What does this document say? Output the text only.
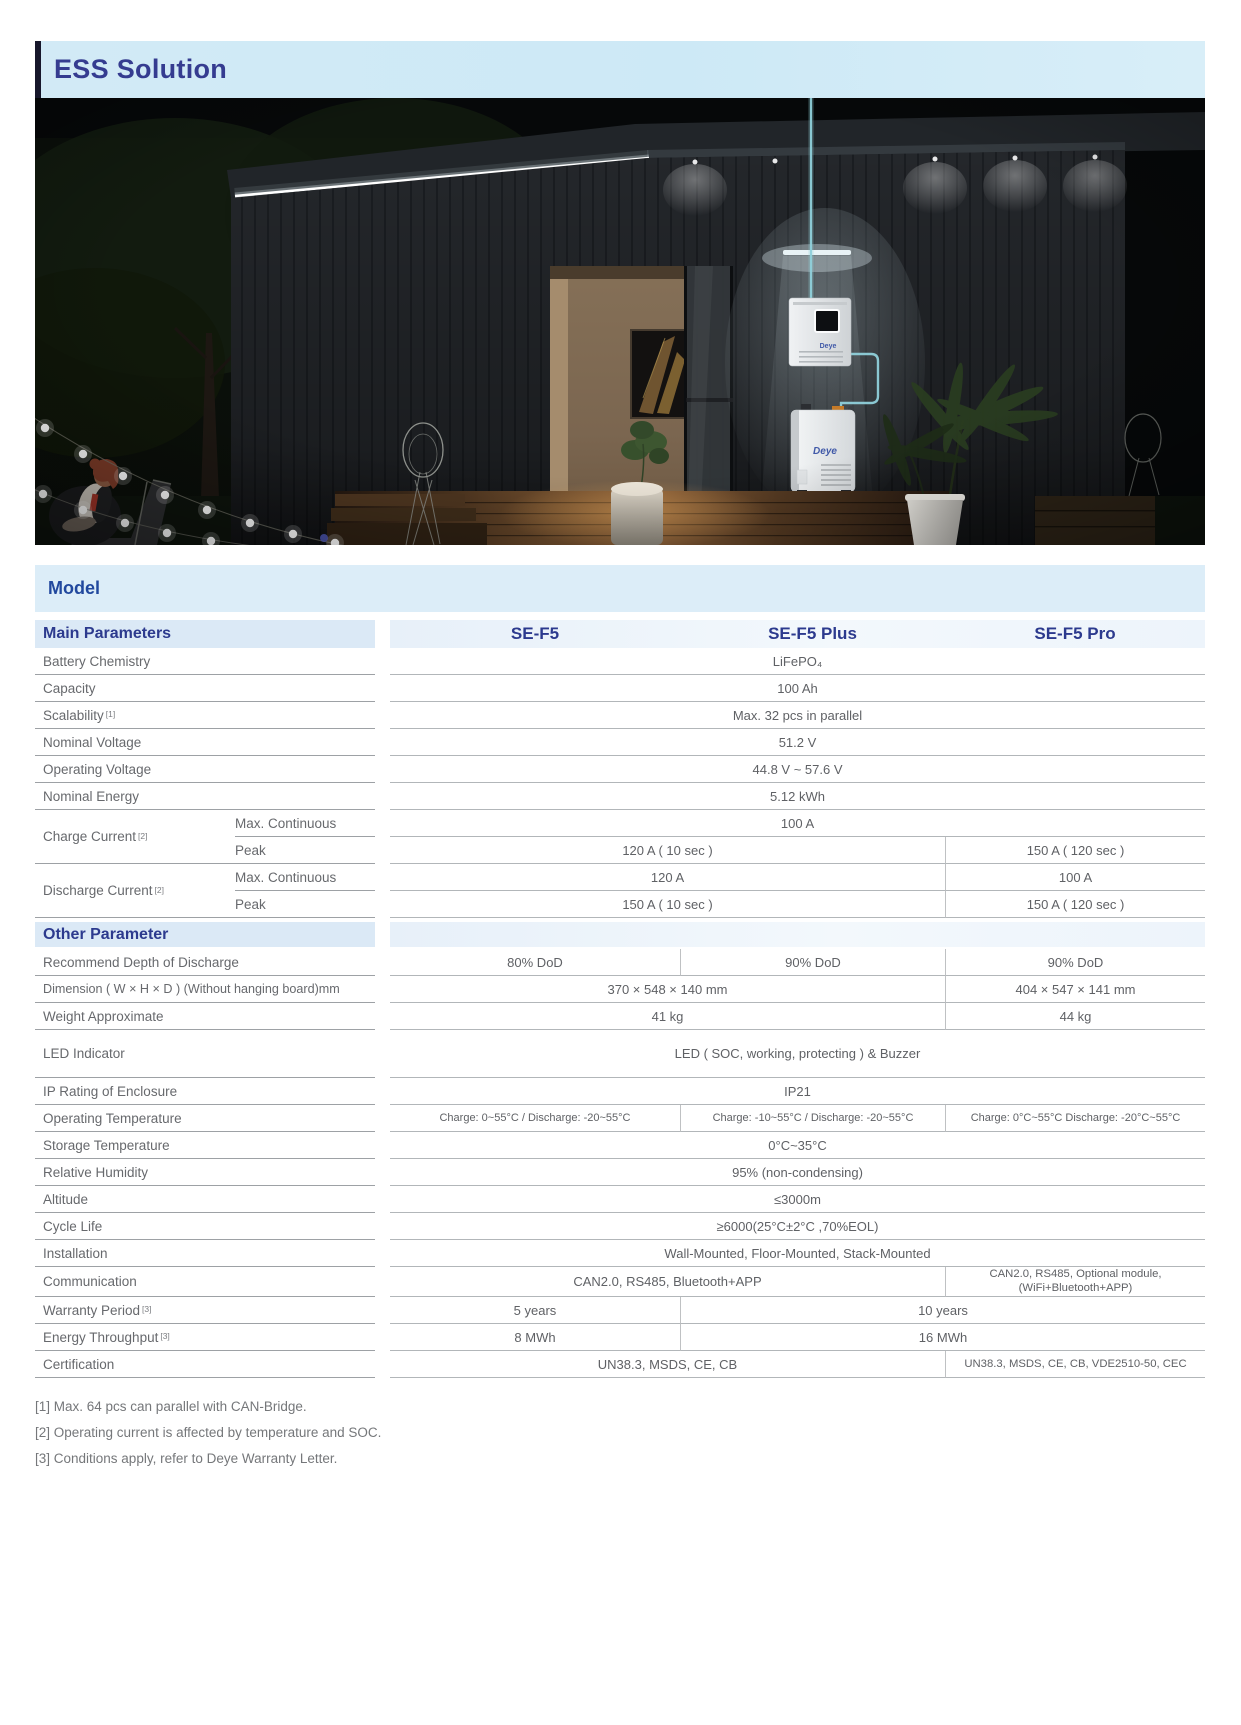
ESS Solution
Model
Main Parameters	SE-F5	SE-F5 Plus	SE-F5 Pro
Battery Chemistry	LiFePO₄
Capacity	100 Ah
Scalability[1]	Max. 32 pcs in parallel
Nominal Voltage	51.2 V
Operating Voltage	44.8 V ~ 57.6 V
Nominal Energy	5.12 kWh
Charge Current[2]
Max. Continuous	100 A
Peak	120 A ( 10 sec )	150 A ( 120 sec )
Discharge Current[2]
Max. Continuous	120 A	100 A
Peak	150 A ( 10 sec )	150 A ( 120 sec )
Other Parameter
Recommend Depth of Discharge	80% DoD	90% DoD	90% DoD
Dimension ( W × H × D ) (Without hanging board)mm	370 × 548 × 140 mm	404 × 547 × 141 mm
Weight Approximate	41 kg	44 kg
LED Indicator	LED ( SOC, working, protecting ) & Buzzer
IP Rating of Enclosure	IP21
Operating Temperature	Charge: 0~55°C / Discharge: -20~55°C	Charge: -10~55°C / Discharge: -20~55°C	Charge: 0°C~55°C Discharge: -20°C~55°C
Storage Temperature	0°C~35°C
Relative Humidity	95% (non-condensing)
Altitude	≤3000m
Cycle Life	≥6000(25°C±2°C ,70%EOL)
Installation	Wall-Mounted, Floor-Mounted, Stack-Mounted
Communication	CAN2.0, RS485, Bluetooth+APP	CAN2.0, RS485, Optional module,
(WiFi+Bluetooth+APP)
Warranty Period[3]	5 years	10 years
Energy Throughput[3]	8 MWh	16 MWh
Certification	UN38.3, MSDS, CE, CB	UN38.3, MSDS, CE, CB, VDE2510-50, CEC
[1] Max. 64 pcs can parallel with CAN-Bridge.
[2] Operating current is affected by temperature and SOC.
[3] Conditions apply, refer to Deye Warranty Letter.
